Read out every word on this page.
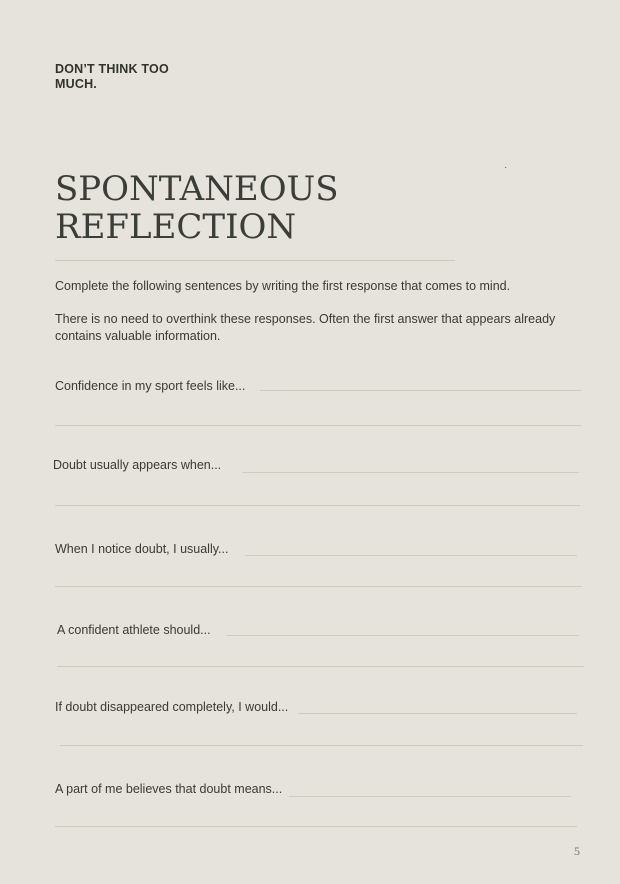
DON’T THINK TOO MUCH.
·
SPONTANEOUS REFLECTION

Complete the following sentences by writing the first response that comes to mind.

There is no need to overthink these responses. Often the first answer that appears already contains valuable information.

Confidence in my sport feels like...
Doubt usually appears when...
When I notice doubt, I usually...
A confident athlete should...
If doubt disappeared completely, I would...
A part of me believes that doubt means...
5
